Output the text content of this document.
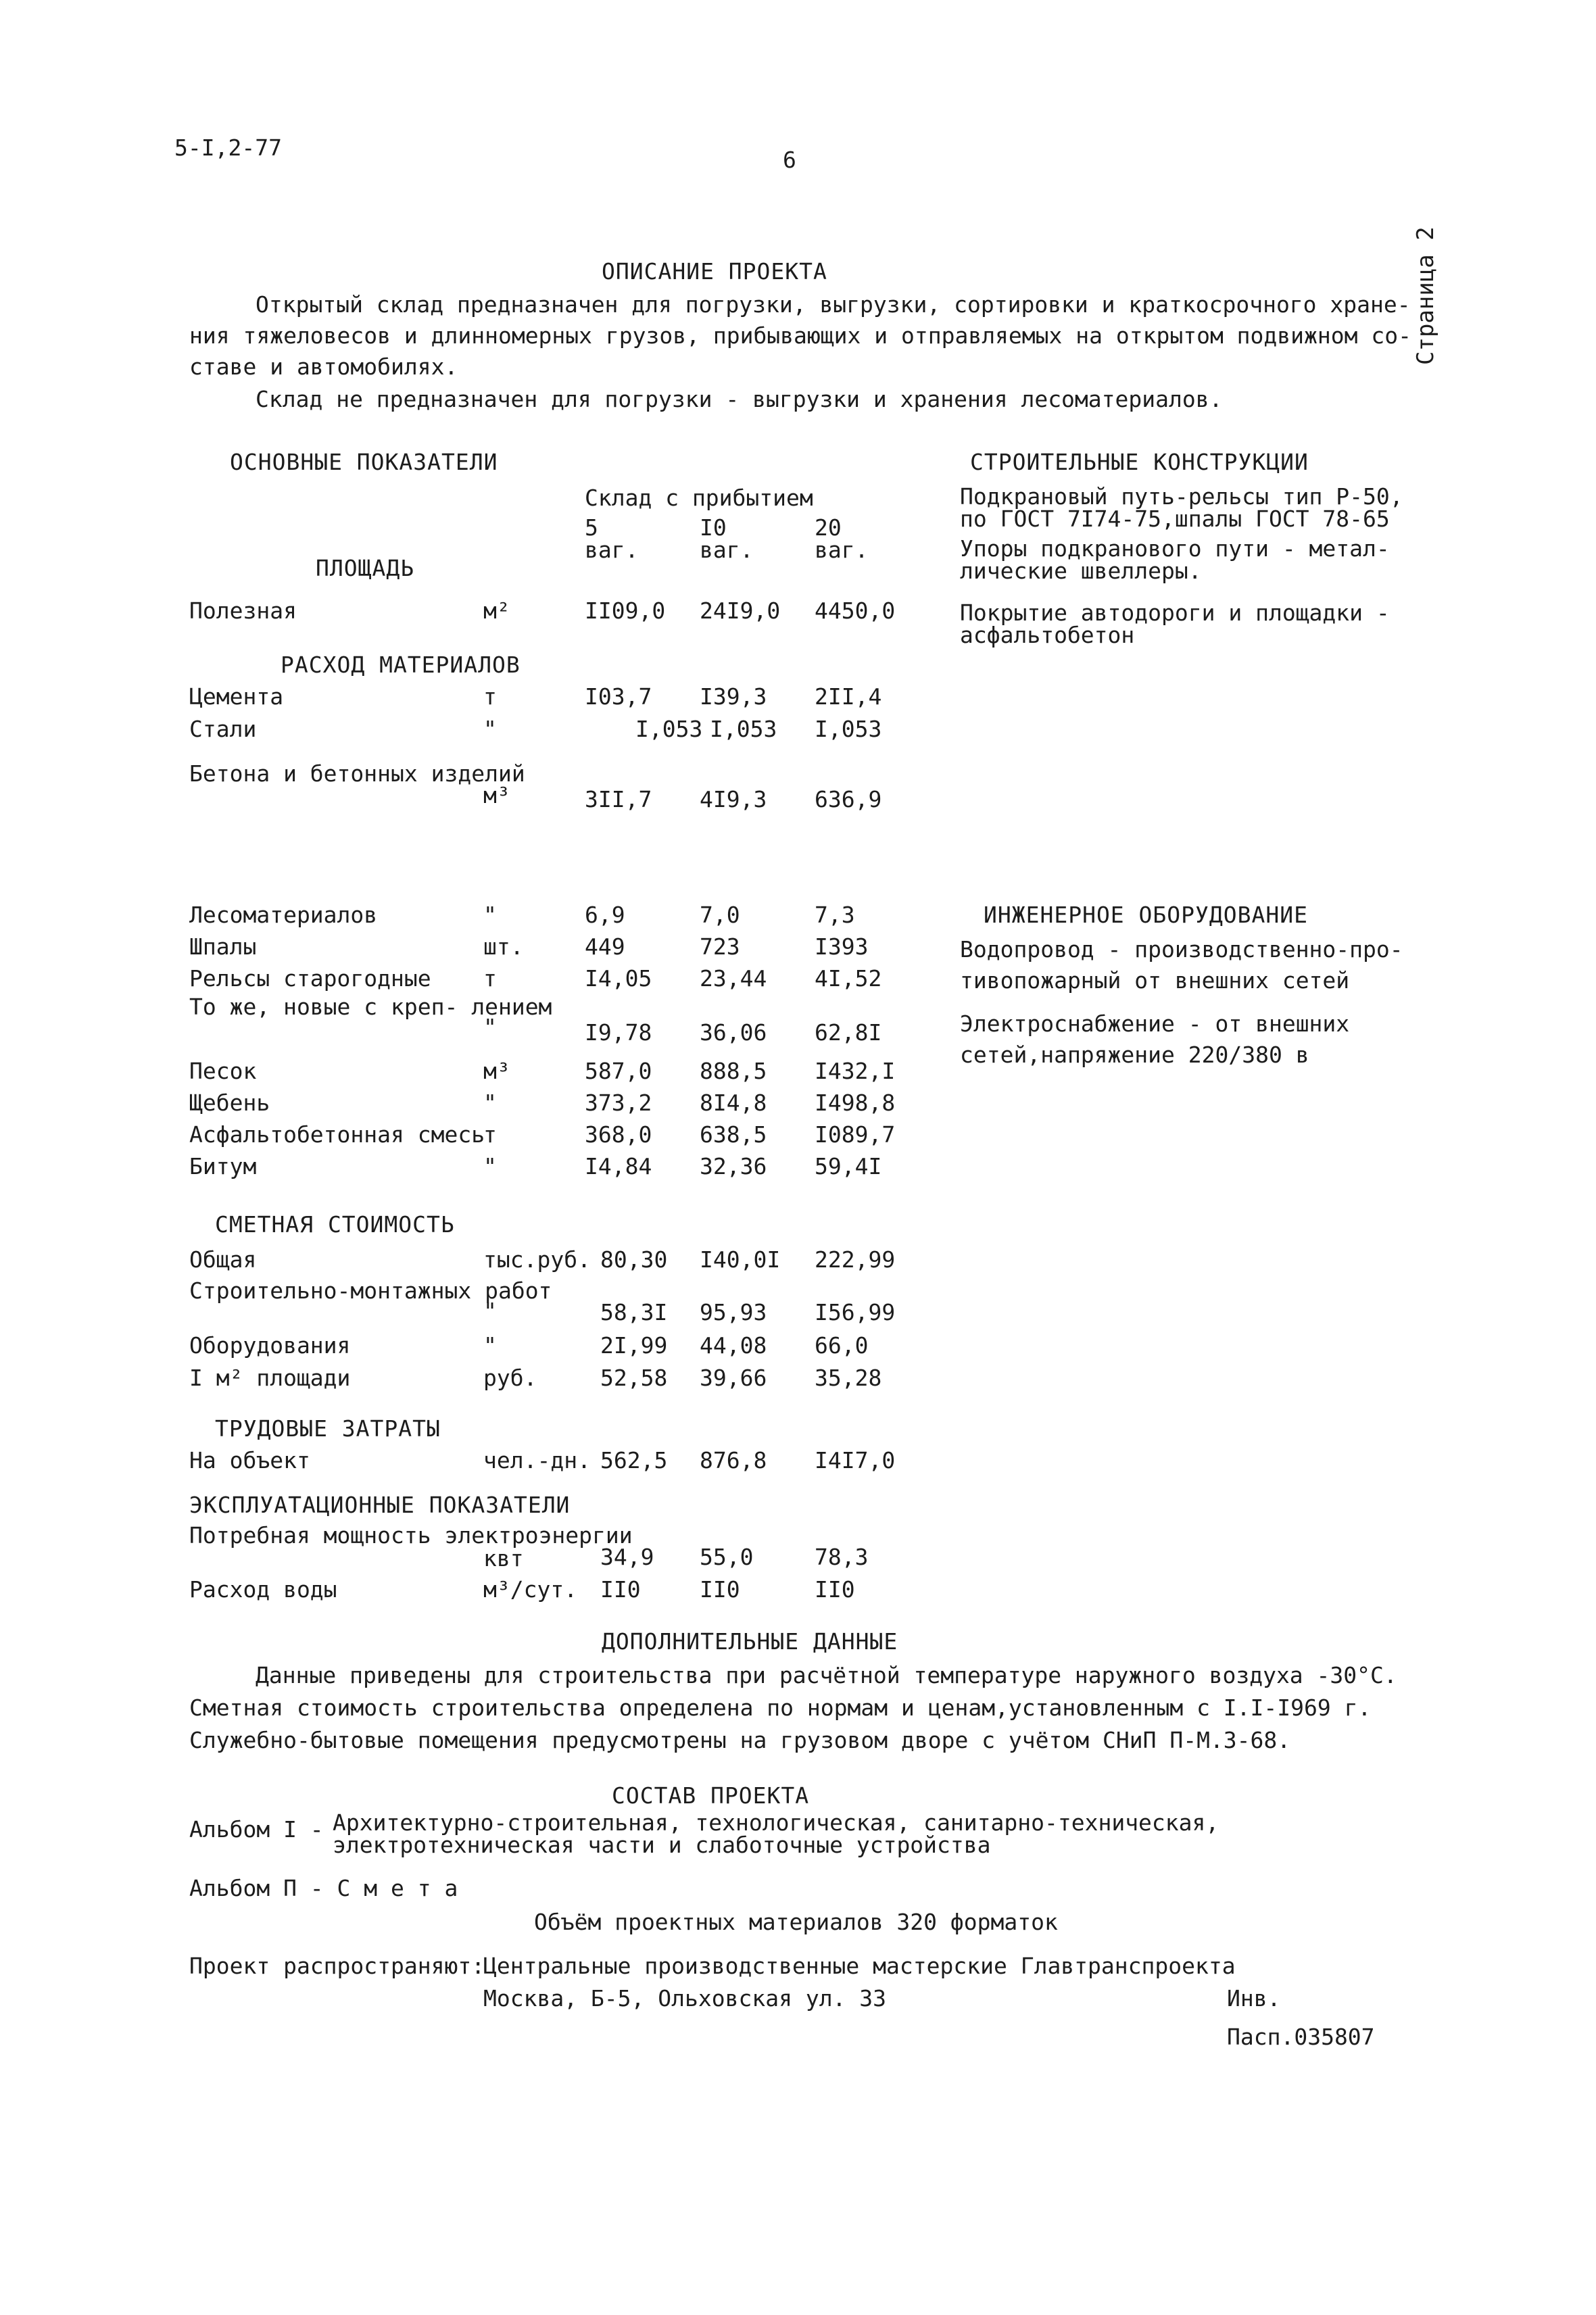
5-I,2-77	6
Страница 2
ОПИСАНИЕ ПРОЕКТА
Открытый склад предназначен для погрузки, выгрузки, сортировки и краткосрочного хране-
ния тяжеловесов и длинномерных грузов, прибывающих и отправляемых на открытом подвижном со-
ставе и автомобилях.
Склад не предназначен для погрузки - выгрузки и хранения лесоматериалов.
ОСНОВНЫЕ ПОКАЗАТЕЛИ
Склад с прибытием
5	I0	20
ваг.	ваг.	ваг.
ПЛОЩАДЬ
Полезная	м²	II09,0 24I9,0 4450,0
РАСХОД МАТЕРИАЛОВ
Цемента	т	I03,7 I39,3 2II,4
Стали	"	I,053 I,053 I,053
Бетона и бетонных изделий
м³	3II,7 4I9,3 636,9
Лесоматериалов	"	6,9	7,0	7,3
Шпалы	шт.	449	723	I393
Рельсы старогодные т	I4,05 23,44 4I,52
То же, новые с креп- лением
"	I9,78 36,06 62,8I
Песок	м³	587,0 888,5 I432,I
Щебень	"	373,2 8I4,8 I498,8
Асфальтобетонная смесь
т	368,0 638,5 I089,7
Битум	"	I4,84 32,36 59,4I
СМЕТНАЯ СТОИМОСТЬ
Общая	тыс.руб. 80,30 I40,0I 222,99
Строительно-монтажных работ
"	58,3I 95,93 I56,99
Оборудования	"	2I,99 44,08 66,0
I м² площади	руб.	52,58 39,66 35,28
ТРУДОВЫЕ ЗАТРАТЫ
На объект	чел.-дн. 562,5 876,8 I4I7,0
ЭКСПЛУАТАЦИОННЫЕ ПОКАЗАТЕЛИ
Потребная мощность электроэнергии
квт	34,9 55,0	78,3
Расход воды	м³/сут. II0	II0	II0
СТРОИТЕЛЬНЫЕ КОНСТРУКЦИИ
Подкрановый путь-рельсы тип Р-50,
по ГОСТ 7I74-75,шпалы ГОСТ 78-65
Упоры подкранового пути - метал-
лические швеллеры.
Покрытие автодороги и площадки -
асфальтобетон
ИНЖЕНЕРНОЕ ОБОРУДОВАНИЕ
Водопровод - производственно-про-
тивопожарный от внешних сетей
Электроснабжение - от внешних
сетей,напряжение 220/380 в
ДОПОЛНИТЕЛЬНЫЕ ДАННЫЕ
Данные приведены для строительства при расчётной температуре наружного воздуха -30°С.
Сметная стоимость строительства определена по нормам и ценам,установленным с I.I-I969 г.
Служебно-бытовые помещения предусмотрены на грузовом дворе с учётом СНиП П-М.3-68.
СОСТАВ ПРОЕКТА
Альбом I - Архитектурно-строительная, технологическая, санитарно-техническая,
электротехническая части и слаботочные устройства
Альбом П - С м е т а
Объём проектных материалов 320 форматок
Проект распространяют:
Центральные производственные мастерские Главтранспроекта
Москва, Б-5, Ольховская ул. 33	Инв.
Пасп.035807
